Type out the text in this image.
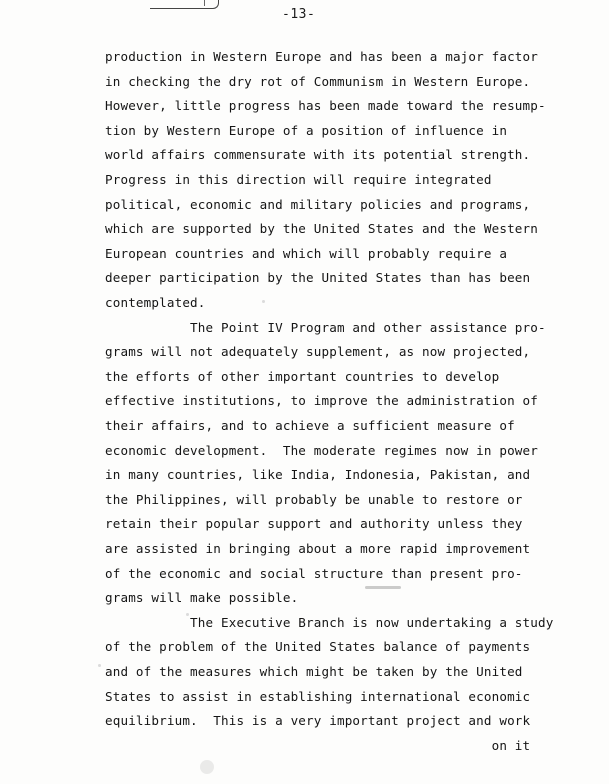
-13-
production in Western Europe and has been a major factor
in checking the dry rot of Communism in Western Europe.
However, little progress has been made toward the resump-
tion by Western Europe of a position of influence in
world affairs commensurate with its potential strength.
Progress in this direction will require integrated
political, economic and military policies and programs,
which are supported by the United States and the Western
European countries and which will probably require a
deeper participation by the United States than has been
contemplated.
The Point IV Program and other assistance pro-
grams will not adequately supplement, as now projected,
the efforts of other important countries to develop
effective institutions, to improve the administration of
their affairs, and to achieve a sufficient measure of
economic development.  The moderate regimes now in power
in many countries, like India, Indonesia, Pakistan, and
the Philippines, will probably be unable to restore or
retain their popular support and authority unless they
are assisted in bringing about a more rapid improvement
of the economic and social structure than present pro-
grams will make possible.
The Executive Branch is now undertaking a study
of the problem of the United States balance of payments
and of the measures which might be taken by the United
States to assist in establishing international economic
equilibrium.  This is a very important project and work
on it
